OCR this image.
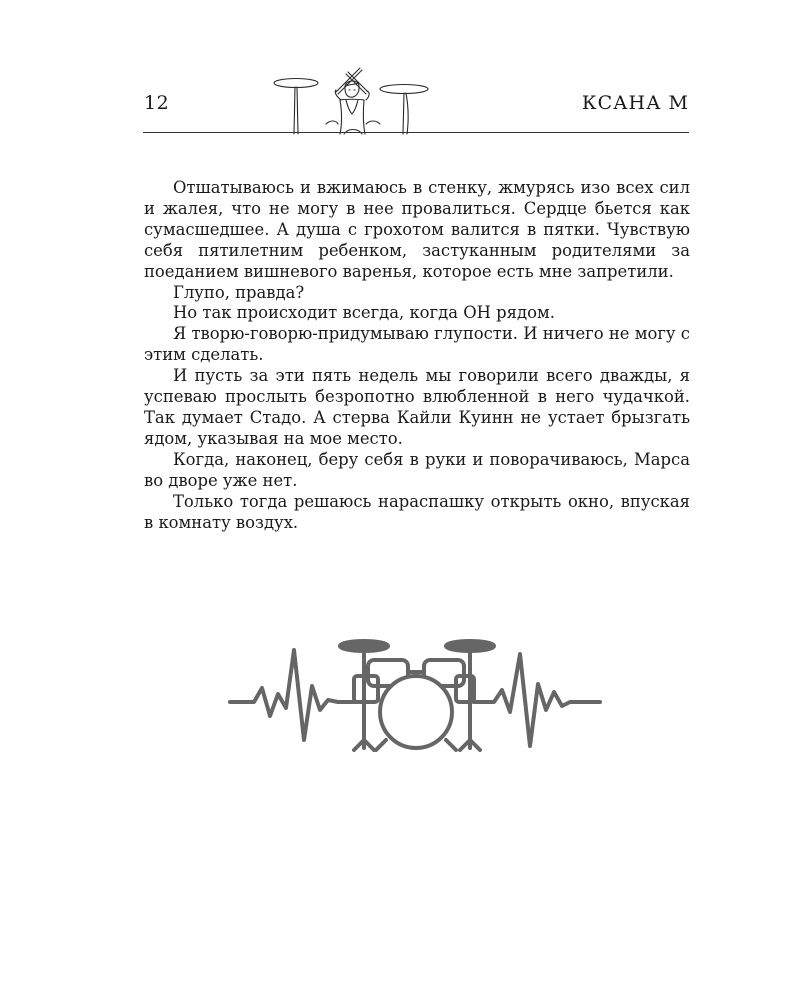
12	КСАНА М

Отшатываюсь и вжимаюсь в стенку, жмурясь изо всех сил и жалея, что не могу в нее провалиться. Сердце бьется как сумасшедшее. А душа с грохотом валится в пятки. Чувствую себя пятилетним ребенком, застуканным родителями за поеданием вишневого варенья, которое есть мне запретили.

Глупо, правда?

Но так происходит всегда, когда ОН рядом.

Я творю-говорю-придумываю глупости. И ничего не могу с этим сделать.

И пусть за эти пять недель мы говорили всего дважды, я успеваю прослыть безропотно влюбленной в него чудачкой. Так думает Стадо. А стерва Кайли Куинн не устает брызгать ядом, указывая на мое место.

Когда, наконец, беру себя в руки и поворачиваюсь, Марса во дворе уже нет.

Только тогда решаюсь нараспашку открыть окно, впуская в комнату воздух.
